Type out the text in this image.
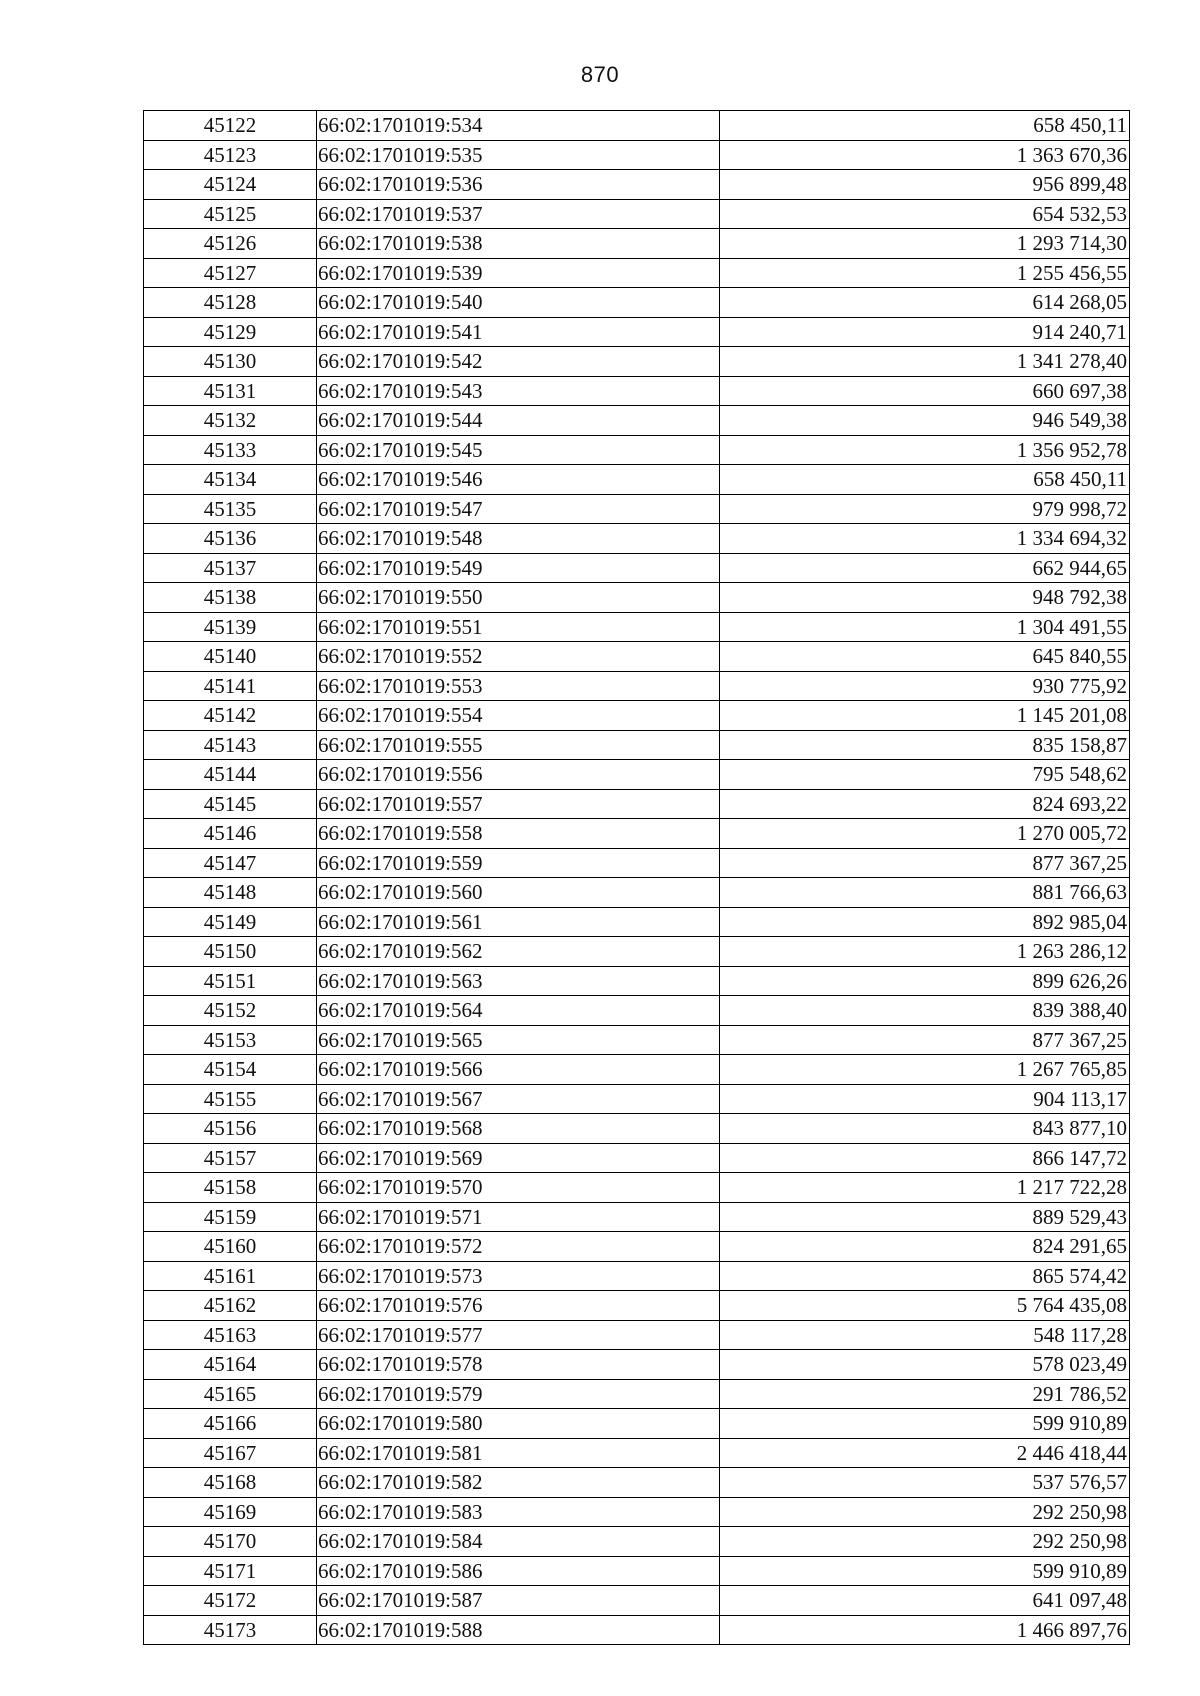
870
45122	66:02:1701019:534	658 450,11
45123	66:02:1701019:535	1 363 670,36
45124	66:02:1701019:536	956 899,48
45125	66:02:1701019:537	654 532,53
45126	66:02:1701019:538	1 293 714,30
45127	66:02:1701019:539	1 255 456,55
45128	66:02:1701019:540	614 268,05
45129	66:02:1701019:541	914 240,71
45130	66:02:1701019:542	1 341 278,40
45131	66:02:1701019:543	660 697,38
45132	66:02:1701019:544	946 549,38
45133	66:02:1701019:545	1 356 952,78
45134	66:02:1701019:546	658 450,11
45135	66:02:1701019:547	979 998,72
45136	66:02:1701019:548	1 334 694,32
45137	66:02:1701019:549	662 944,65
45138	66:02:1701019:550	948 792,38
45139	66:02:1701019:551	1 304 491,55
45140	66:02:1701019:552	645 840,55
45141	66:02:1701019:553	930 775,92
45142	66:02:1701019:554	1 145 201,08
45143	66:02:1701019:555	835 158,87
45144	66:02:1701019:556	795 548,62
45145	66:02:1701019:557	824 693,22
45146	66:02:1701019:558	1 270 005,72
45147	66:02:1701019:559	877 367,25
45148	66:02:1701019:560	881 766,63
45149	66:02:1701019:561	892 985,04
45150	66:02:1701019:562	1 263 286,12
45151	66:02:1701019:563	899 626,26
45152	66:02:1701019:564	839 388,40
45153	66:02:1701019:565	877 367,25
45154	66:02:1701019:566	1 267 765,85
45155	66:02:1701019:567	904 113,17
45156	66:02:1701019:568	843 877,10
45157	66:02:1701019:569	866 147,72
45158	66:02:1701019:570	1 217 722,28
45159	66:02:1701019:571	889 529,43
45160	66:02:1701019:572	824 291,65
45161	66:02:1701019:573	865 574,42
45162	66:02:1701019:576	5 764 435,08
45163	66:02:1701019:577	548 117,28
45164	66:02:1701019:578	578 023,49
45165	66:02:1701019:579	291 786,52
45166	66:02:1701019:580	599 910,89
45167	66:02:1701019:581	2 446 418,44
45168	66:02:1701019:582	537 576,57
45169	66:02:1701019:583	292 250,98
45170	66:02:1701019:584	292 250,98
45171	66:02:1701019:586	599 910,89
45172	66:02:1701019:587	641 097,48
45173	66:02:1701019:588	1 466 897,76
